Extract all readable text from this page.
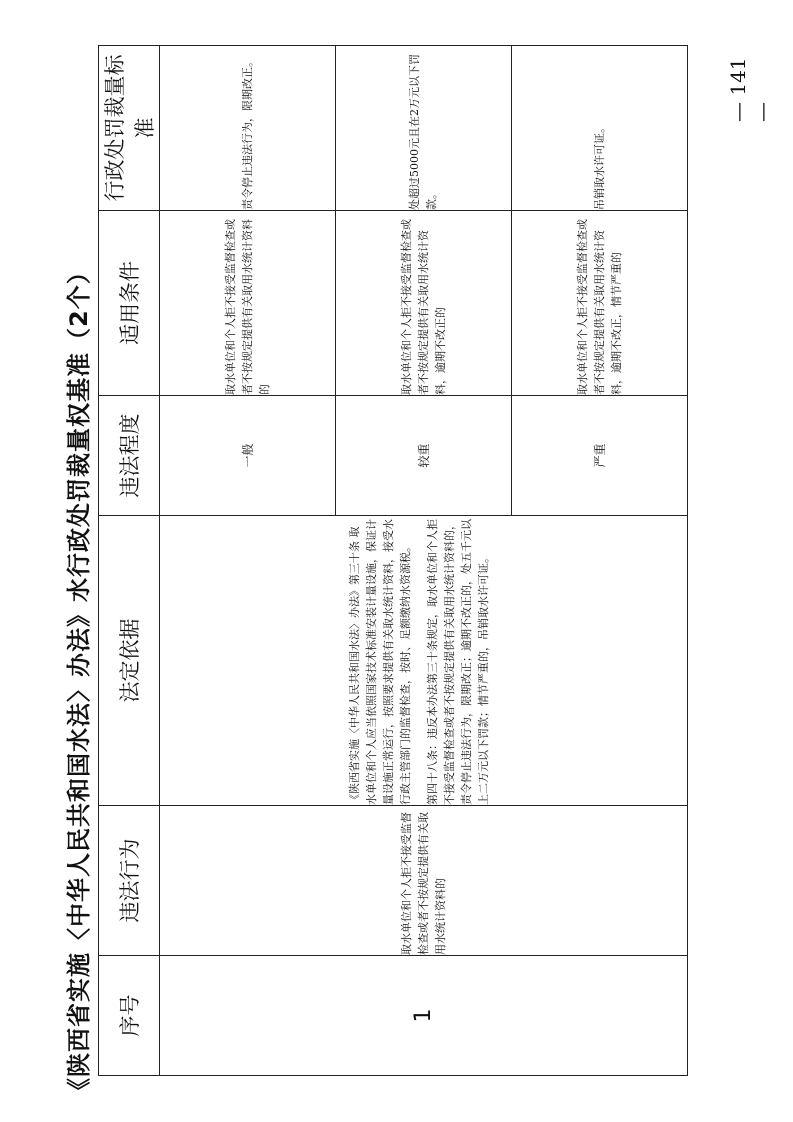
《陕西省实施〈中华人民共和国水法〉办法》水行政处罚裁量权基准（2个） 序号	违法行为	法定依据	违法程度	适用条件	行政处罚裁量标准
1	取水单位和个人拒不接受监督检查或者不按规定提供有关取用水统计资料的	《陕西省实施〈中华人民共和国水法〉办法》第三十条 取水单位和个人应当依照国家技术标准安装计量设施，保证计量设施正常运行，按照要求提供有关取水统计资料，接受水行政主管部门的监督检查，按时、足额缴纳水资源税。 第四十八条：违反本办法第三十条规定，取水单位和个人拒不接受监督检查或者不按规定提供有关取用水统计资料的，责令停止违法行为，限期改正；逾期不改正的，处五千元以上二万元以下罚款；情节严重的，吊销取水许可证。	一般	取水单位和个人拒不接受监督检查或者不按规定提供有关取用水统计资料的	责令停止违法行为，限期改正。
			较重	取水单位和个人拒不接受监督检查或者不按规定提供有关取用水统计资料，逾期不改正的	处超过5000元且在2万元以下罚款。
			严重	取水单位和个人拒不接受监督检查或者不按规定提供有关取用水统计资料，逾期不改正，情节严重的	吊销取水许可证。
— 141 —
